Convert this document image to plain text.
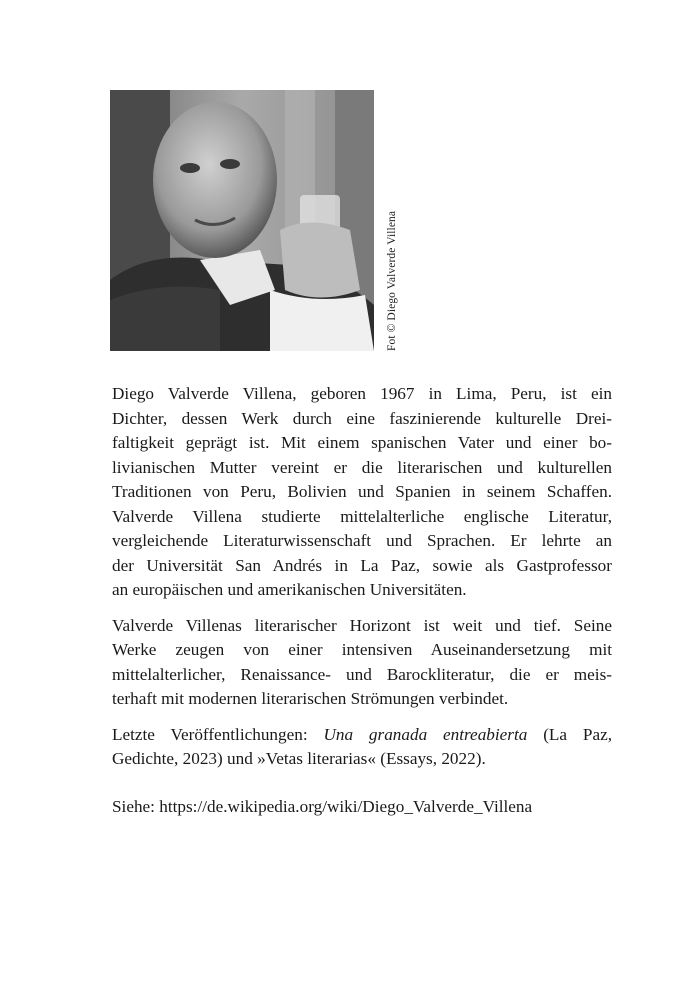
Fot © Diego Valverde Villena
Diego Valverde Villena, geboren 1967 in Lima, Peru, ist ein
Dichter, dessen Werk durch eine faszinierende kulturelle Drei-
faltigkeit geprägt ist. Mit einem spanischen Vater und einer bo-
livianischen Mutter vereint er die literarischen und kulturellen
Traditionen von Peru, Bolivien und Spanien in seinem Schaffen.
Valverde Villena studierte mittelalterliche englische Literatur,
vergleichende Literaturwissenschaft und Sprachen. Er lehrte an
der Universität San Andrés in La Paz, sowie als Gastprofessor
an europäischen und amerikanischen Universitäten.
Valverde Villenas literarischer Horizont ist weit und tief. Seine
Werke zeugen von einer intensiven Auseinandersetzung mit
mittelalterlicher, Renaissance- und Barockliteratur, die er meis-
terhaft mit modernen literarischen Strömungen verbindet.
Letzte Veröffentlichungen: Una granada entreabierta (La Paz,
Gedichte, 2023) und »Vetas literarias« (Essays, 2022).
Siehe: https://de.wikipedia.org/wiki/Diego_Valverde_Villena
